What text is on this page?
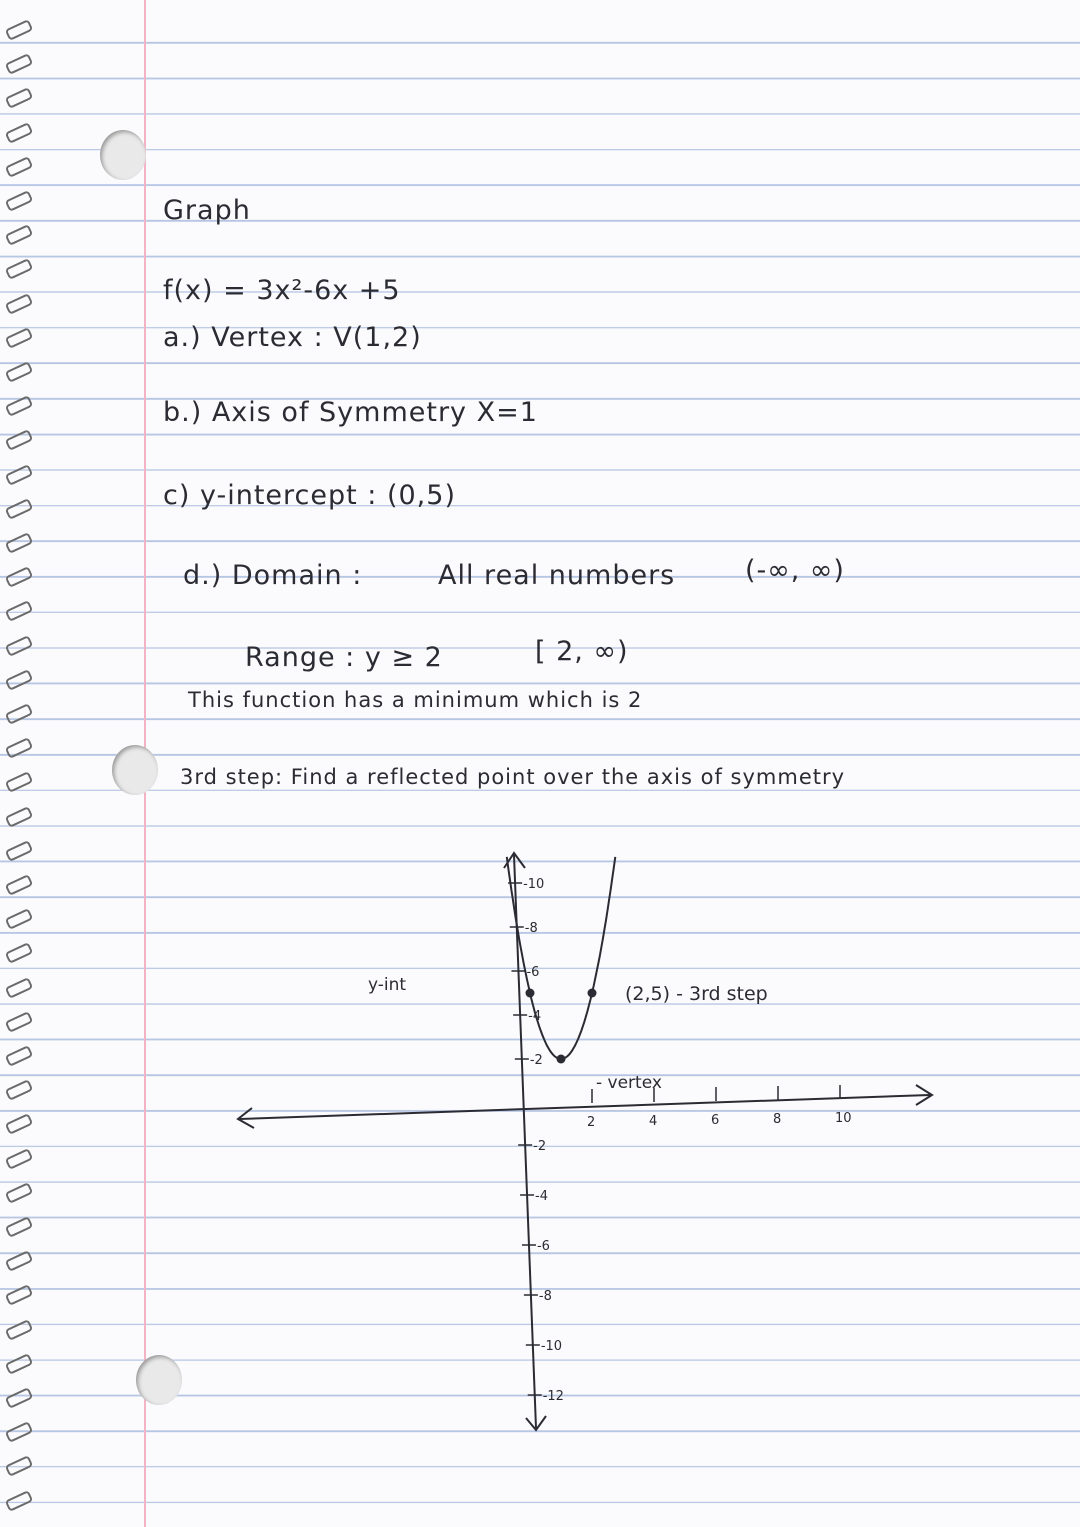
Graph
f(x) = 3x²-6x +5
a.) Vertex : V(1,2)
b.) Axis of Symmetry X=1
c) y-intercept : (0,5)
d.) Domain :	All real numbers	(-∞, ∞)
Range : y ≥ 2	[ 2, ∞)
This function has a minimum which is 2
3rd step: Find a reflected point over the axis of symmetry
2	4	6	8	10
-10
-8
-6
-4
-2
-2
-4
-6
-8
-10
-12
y-int	(2,5) - 3rd step
- vertex
